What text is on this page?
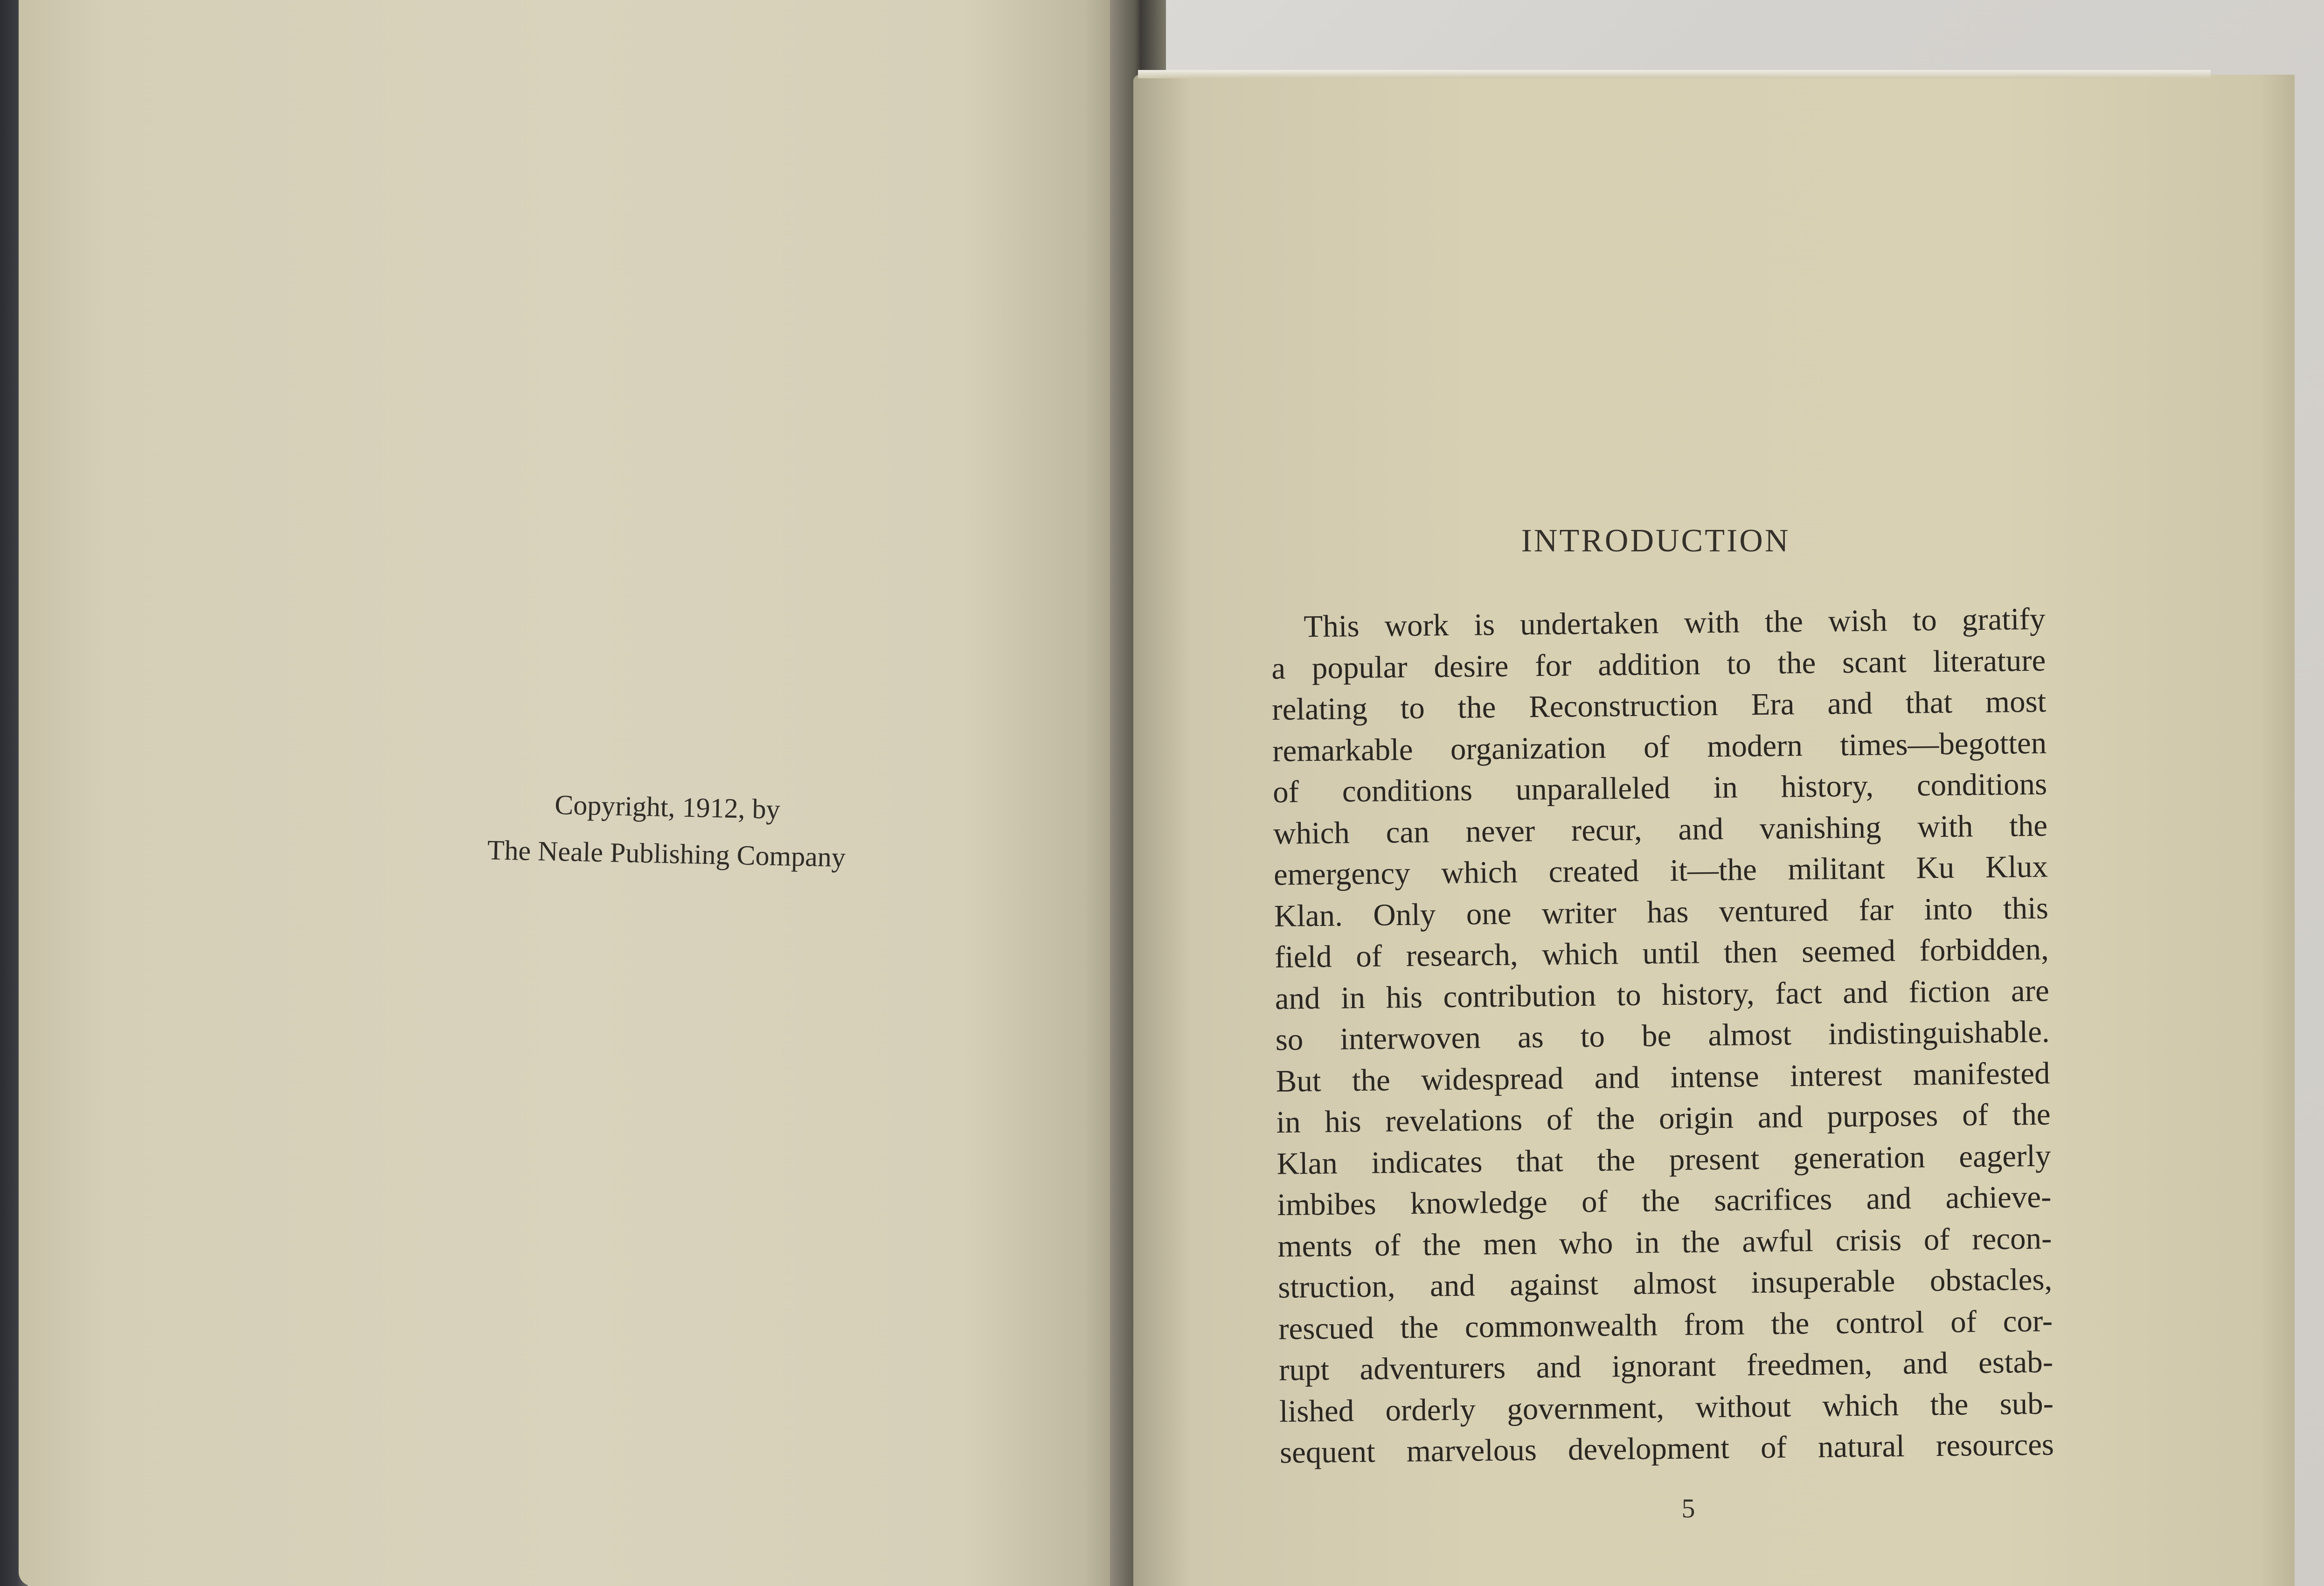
Copyright, 1912, by
The Neale Publishing Company
INTRODUCTION
This work is undertaken with the wish to gratify
a popular desire for addition to the scant literature
relating to the Reconstruction Era and that most
remarkable organization of modern times—begotten
of conditions unparalleled in history, conditions
which can never recur, and vanishing with the
emergency which created it—the militant Ku Klux
Klan. Only one writer has ventured far into this
field of research, which until then seemed forbidden,
and in his contribution to history, fact and fiction are
so interwoven as to be almost indistinguishable.
But the widespread and intense interest manifested
in his revelations of the origin and purposes of the
Klan indicates that the present generation eagerly
imbibes knowledge of the sacrifices and achieve-
ments of the men who in the awful crisis of recon-
struction, and against almost insuperable obstacles,
rescued the commonwealth from the control of cor-
rupt adventurers and ignorant freedmen, and estab-
lished orderly government, without which the sub-
sequent marvelous development of natural resources
5
